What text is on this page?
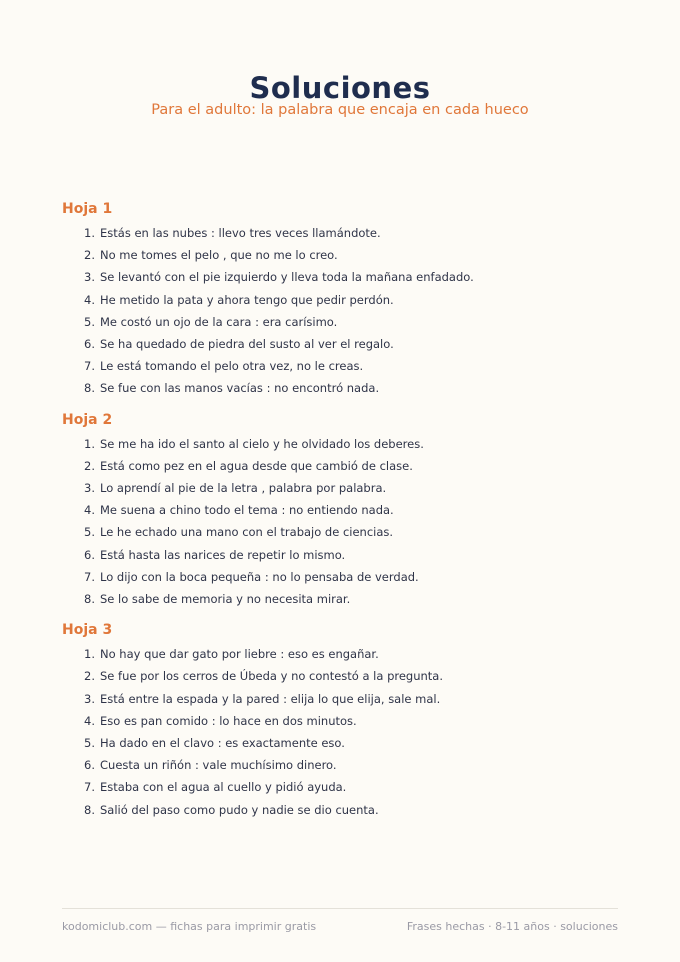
Soluciones
Para el adulto: la palabra que encaja en cada hueco
Hoja 1
1. Estás en las nubes : llevo tres veces llamándote.
2. No me tomes el pelo , que no me lo creo.
3. Se levantó con el pie izquierdo y lleva toda la mañana enfadado.
4. He metido la pata y ahora tengo que pedir perdón.
5. Me costó un ojo de la cara : era carísimo.
6. Se ha quedado de piedra del susto al ver el regalo.
7. Le está tomando el pelo otra vez, no le creas.
8. Se fue con las manos vacías : no encontró nada.
Hoja 2
1. Se me ha ido el santo al cielo y he olvidado los deberes.
2. Está como pez en el agua desde que cambió de clase.
3. Lo aprendí al pie de la letra , palabra por palabra.
4. Me suena a chino todo el tema : no entiendo nada.
5. Le he echado una mano con el trabajo de ciencias.
6. Está hasta las narices de repetir lo mismo.
7. Lo dijo con la boca pequeña : no lo pensaba de verdad.
8. Se lo sabe de memoria y no necesita mirar.
Hoja 3
1. No hay que dar gato por liebre : eso es engañar.
2. Se fue por los cerros de Úbeda y no contestó a la pregunta.
3. Está entre la espada y la pared : elija lo que elija, sale mal.
4. Eso es pan comido : lo hace en dos minutos.
5. Ha dado en el clavo : es exactamente eso.
6. Cuesta un riñón : vale muchísimo dinero.
7. Estaba con el agua al cuello y pidió ayuda.
8. Salió del paso como pudo y nadie se dio cuenta.
kodomiclub.com — fichas para imprimir gratis	Frases hechas · 8-11 años · soluciones
